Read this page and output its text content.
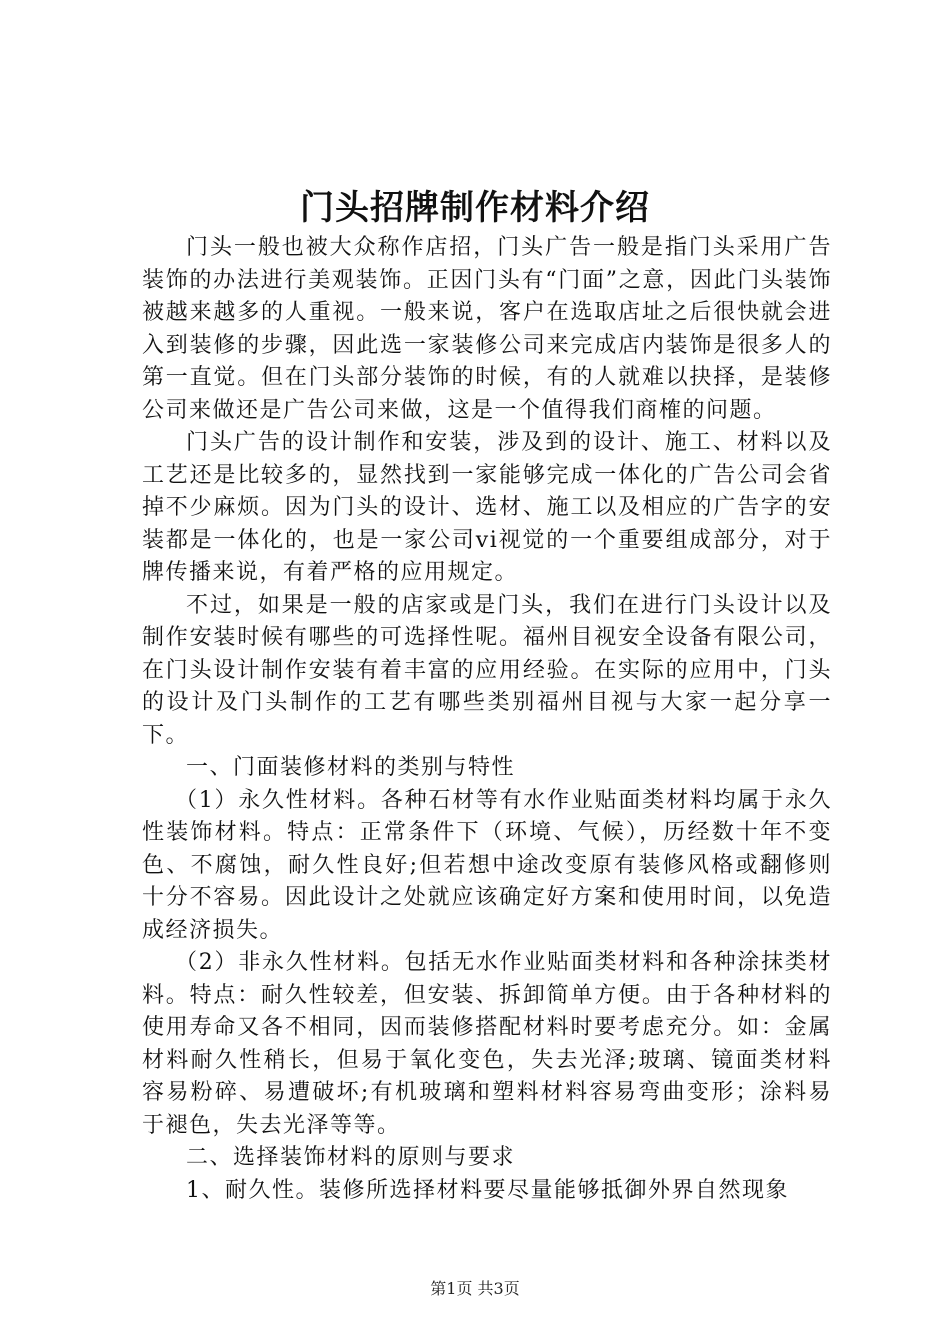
门头招牌制作材料介绍

门头一般也被大众称作店招，门头广告一般是指门头采用广告装饰的办法进行美观装饰。正因门头有“门面”之意，因此门头装饰被越来越多的人重视。一般来说，客户在选取店址之后很快就会进入到装修的步骤，因此选一家装修公司来完成店内装饰是很多人的第一直觉。但在门头部分装饰的时候，有的人就难以抉择，是装修公司来做还是广告公司来做，这是一个值得我们商榷的问题。

门头广告的设计制作和安装，涉及到的设计、施工、材料以及工艺还是比较多的，显然找到一家能够完成一体化的广告公司会省掉不少麻烦。因为门头的设计、选材、施工以及相应的广告字的安装都是一体化的，也是一家公司vi视觉的一个重要组成部分，对于牌传播来说，有着严格的应用规定。

不过，如果是一般的店家或是门头，我们在进行门头设计以及制作安装时候有哪些的可选择性呢。福州目视安全设备有限公司，在门头设计制作安装有着丰富的应用经验。在实际的应用中，门头的设计及门头制作的工艺有哪些类别福州目视与大家一起分享一下。

一、门面装修材料的类别与特性

（1）永久性材料。各种石材等有水作业贴面类材料均属于永久性装饰材料。特点：正常条件下（环境、气候），历经数十年不变色、不腐蚀，耐久性良好;但若想中途改变原有装修风格或翻修则十分不容易。因此设计之处就应该确定好方案和使用时间，以免造成经济损失。

（2）非永久性材料。包括无水作业贴面类材料和各种涂抹类材料。特点：耐久性较差，但安装、拆卸简单方便。由于各种材料的使用寿命又各不相同，因而装修搭配材料时要考虑充分。如：金属材料耐久性稍长，但易于氧化变色，失去光泽;玻璃、镜面类材料容易粉碎、易遭破坏;有机玻璃和塑料材料容易弯曲变形；涂料易于褪色，失去光泽等等。

二、选择装饰材料的原则与要求

1、耐久性。装修所选择材料要尽量能够抵御外界自然现象

第1页 共3页
